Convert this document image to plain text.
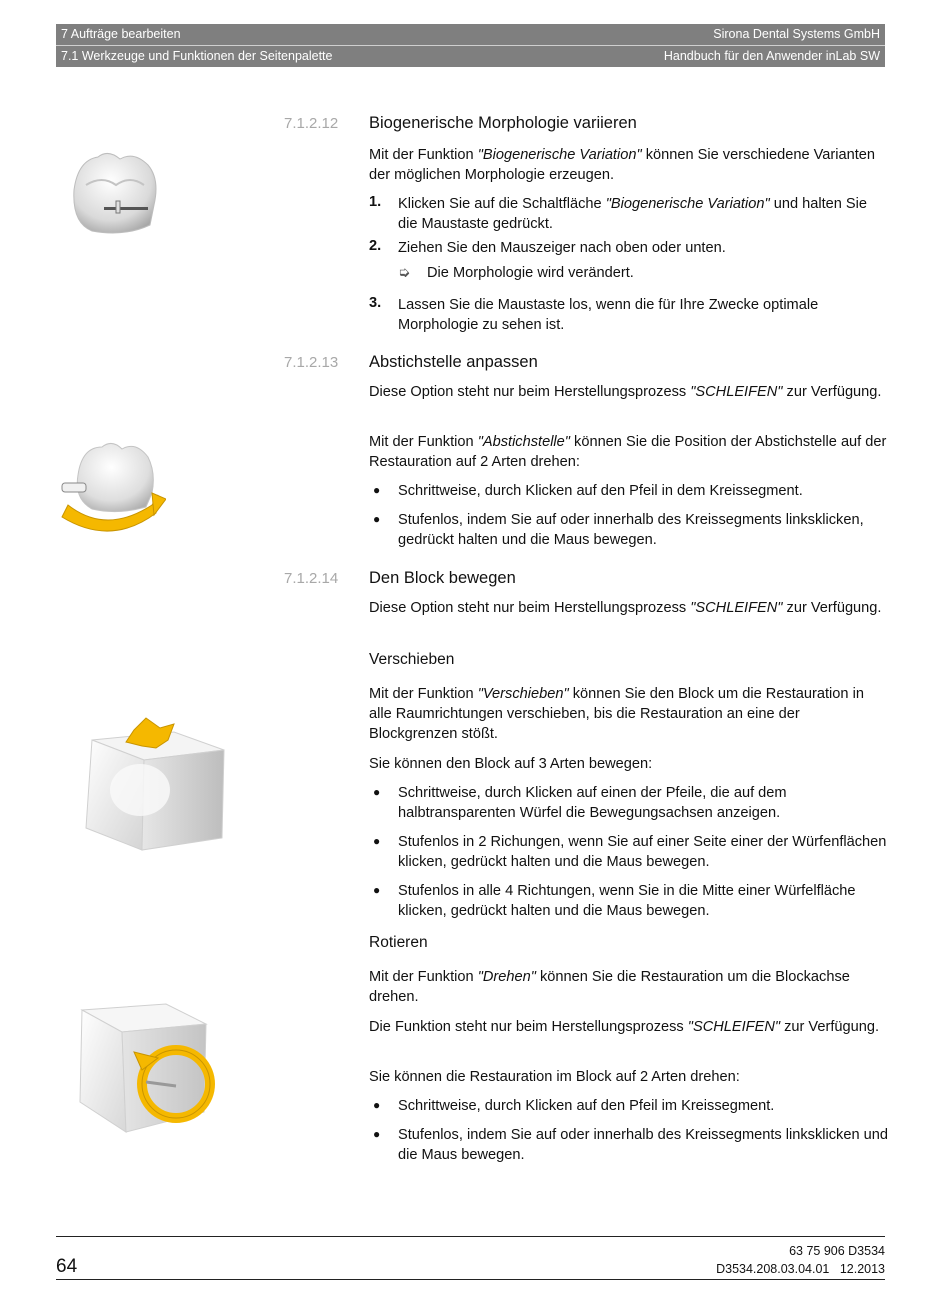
7 Aufträge bearbeiten	Sirona Dental Systems GmbH
7.1 Werkzeuge und Funktionen der Seitenpalette	Handbuch für den Anwender inLab SW
7.1.2.12 Biogenerische Morphologie variieren

Mit der Funktion "Biogenerische Variation" können Sie verschiedene Varianten der möglichen Morphologie erzeugen.

1. Klicken Sie auf die Schaltfläche "Biogenerische Variation" und halten Sie die Maustaste gedrückt.
2. Ziehen Sie den Mauszeiger nach oben oder unten.
➭	Die Morphologie wird verändert.
3. Lassen Sie die Maustaste los, wenn die für Ihre Zwecke optimale Morphologie zu sehen ist.
7.1.2.13 Abstichstelle anpassen

Diese Option steht nur beim Herstellungsprozess "SCHLEIFEN" zur Verfügung.

Mit der Funktion "Abstichstelle" können Sie die Position der Abstichstelle auf der Restauration auf 2 Arten drehen:

● Schrittweise, durch Klicken auf den Pfeil in dem Kreissegment.
● Stufenlos, indem Sie auf oder innerhalb des Kreissegments linksklicken, gedrückt halten und die Maus bewegen.
7.1.2.14 Den Block bewegen

Diese Option steht nur beim Herstellungsprozess "SCHLEIFEN" zur Verfügung.

Verschieben

Mit der Funktion "Verschieben" können Sie den Block um die Restauration in alle Raumrichtungen verschieben, bis die Restauration an eine der Blockgrenzen stößt.

Sie können den Block auf 3 Arten bewegen:

● Schrittweise, durch Klicken auf einen der Pfeile, die auf dem halbtransparenten Würfel die Bewegungsachsen anzeigen.
● Stufenlos in 2 Richungen, wenn Sie auf einer Seite einer der Würfenflächen klicken, gedrückt halten und die Maus bewegen.
● Stufenlos in alle 4 Richtungen, wenn Sie in die Mitte einer Würfelfläche klicken, gedrückt halten und die Maus bewegen.
Rotieren

Mit der Funktion "Drehen" können Sie die Restauration um die Blockachse drehen.

Die Funktion steht nur beim Herstellungsprozess "SCHLEIFEN" zur Verfügung.

Sie können die Restauration im Block auf 2 Arten drehen:

● Schrittweise, durch Klicken auf den Pfeil im Kreissegment.
● Stufenlos, indem Sie auf oder innerhalb des Kreissegments linksklicken und die Maus bewegen.
64
63 75 906 D3534
D3534.208.03.04.01 12.2013
